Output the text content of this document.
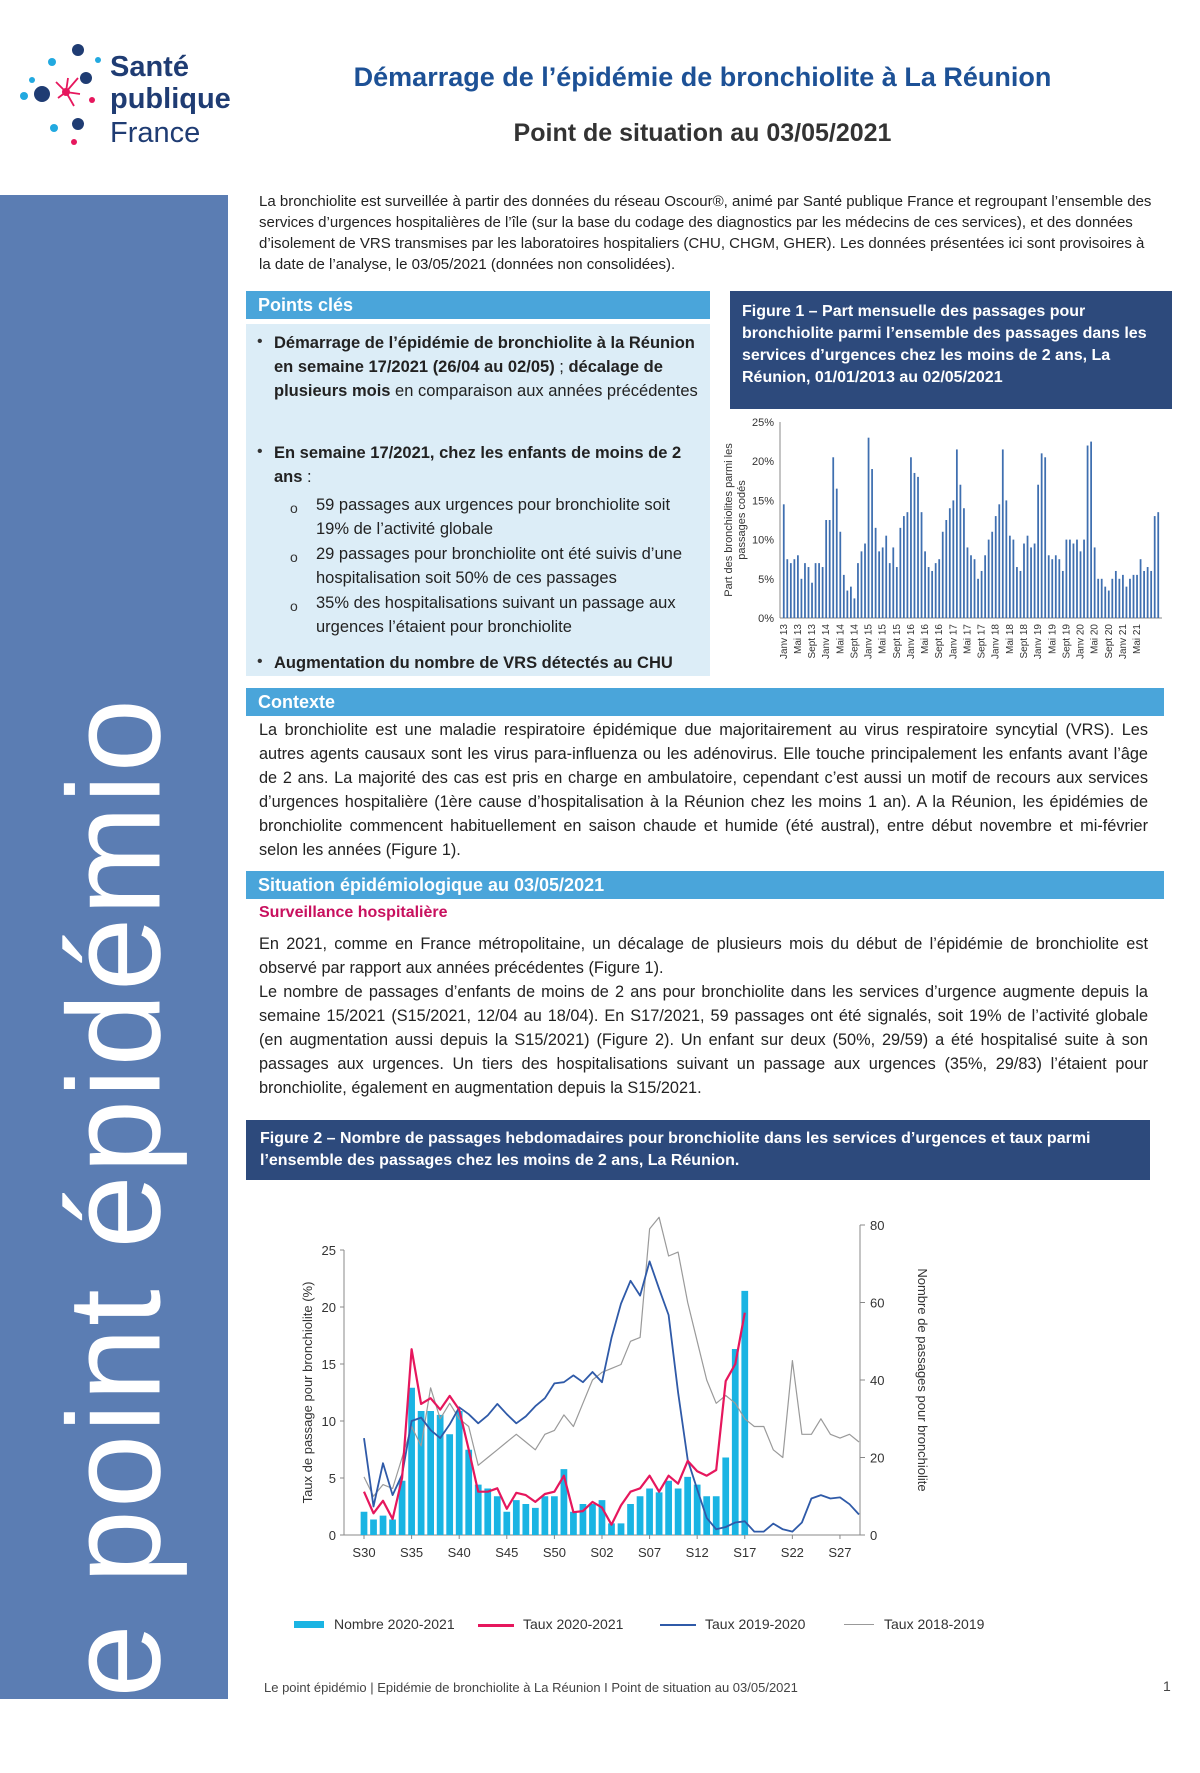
Santé
publique
France
Démarrage de l’épidémie de bronchiolite à La Réunion
Point de situation au 03/05/2021
Le point épidémio
La bronchiolite est surveillée à partir des données du réseau Oscour®, animé par Santé publique France et regroupant l’ensemble des services d’urgences hospitalières de l’île (sur la base du codage des diagnostics par les médecins de ces services), et des données d’isolement de VRS transmises par les laboratoires hospitaliers (CHU, CHGM, GHER). Les données présentées ici sont provisoires à la date de l’analyse, le 03/05/2021 (données non consolidées).
Points clés
• Démarrage de l’épidémie de bronchiolite à la Réunion en semaine 17/2021 (26/04 au 02/05) ; décalage de plusieurs mois en comparaison aux années précédentes
• En semaine 17/2021, chez les enfants de moins de 2 ans :
o 59 passages aux urgences pour bronchiolite soit 19% de l’activité globale
o 29 passages pour bronchiolite ont été suivis d’une hospitalisation soit 50% de ces passages
o 35% des hospitalisations suivant un passage aux urgences l’étaient pour bronchiolite
• Augmentation du nombre de VRS détectés au CHU
Figure 1 – Part mensuelle des passages pour bronchiolite parmi l’ensemble des passages dans les services d’urgences chez les moins de 2 ans, La Réunion, 01/01/2013 au 02/05/2021
0%
5%
10%
15%
20%
25%
Part des bronchiolites parmi lespassages codés
Janv 13 Mai 13 Sept 13 Janv 14 Mai 14 Sept 14 Janv 15 Mai 15 Sept 15 Janv 16 Mai 16 Sept 16 Janv 17 Mai 17 Sept 17 Janv 18 Mai 18 Sept 18 Janv 19 Mai 19 Sept 19 Janv 20 Mai 20 Sept 20 Janv 21 Mai 21
Contexte
La bronchiolite est une maladie respiratoire épidémique due majoritairement au virus respiratoire syncytial (VRS). Les autres agents causaux sont les virus para-influenza ou les adénovirus. Elle touche principalement les enfants avant l’âge de 2 ans. La majorité des cas est pris en charge en ambulatoire, cependant c’est aussi un motif de recours aux services d’urgences hospitalière (1ère cause d’hospitalisation à la Réunion chez les moins 1 an). A la Réunion, les épidémies de bronchiolite commencent habituellement en saison chaude et humide (été austral), entre début novembre et mi-février selon les années (Figure 1).
Situation épidémiologique au 03/05/2021
Surveillance hospitalière
En 2021, comme en France métropolitaine, un décalage de plusieurs mois du début de l’épidémie de bronchiolite est observé par rapport aux années précédentes (Figure 1).
Le nombre de passages d’enfants de moins de 2 ans pour bronchiolite dans les services d’urgence augmente depuis la semaine 15/2021 (S15/2021, 12/04 au 18/04). En S17/2021, 59 passages ont été signalés, soit 19% de l’activité globale (en augmentation aussi depuis la S15/2021) (Figure 2). Un enfant sur deux (50%, 29/59) a été hospitalisé suite à son passages aux urgences. Un tiers des hospitalisations suivant un passage aux urgences (35%, 29/83) l’étaient pour bronchiolite, également en augmentation depuis la S15/2021.
Figure 2 – Nombre de passages hebdomadaires pour bronchiolite dans les services d’urgences et taux parmi l’ensemble des passages chez les moins de 2 ans, La Réunion.
0
5
10
15
20
25
0
20
40
60
80
S30 S35 S40 S45 S50 S02 S07 S12 S17 S22 S27
Taux de passage pour bronchiolite (%)	Nombre de passages pour bronchiolite
Nombre 2020-2021	Taux 2020-2021	Taux 2019-2020	Taux 2018-2019
Le point épidémio | Epidémie de bronchiolite à La Réunion I Point de situation au 03/05/2021	1
